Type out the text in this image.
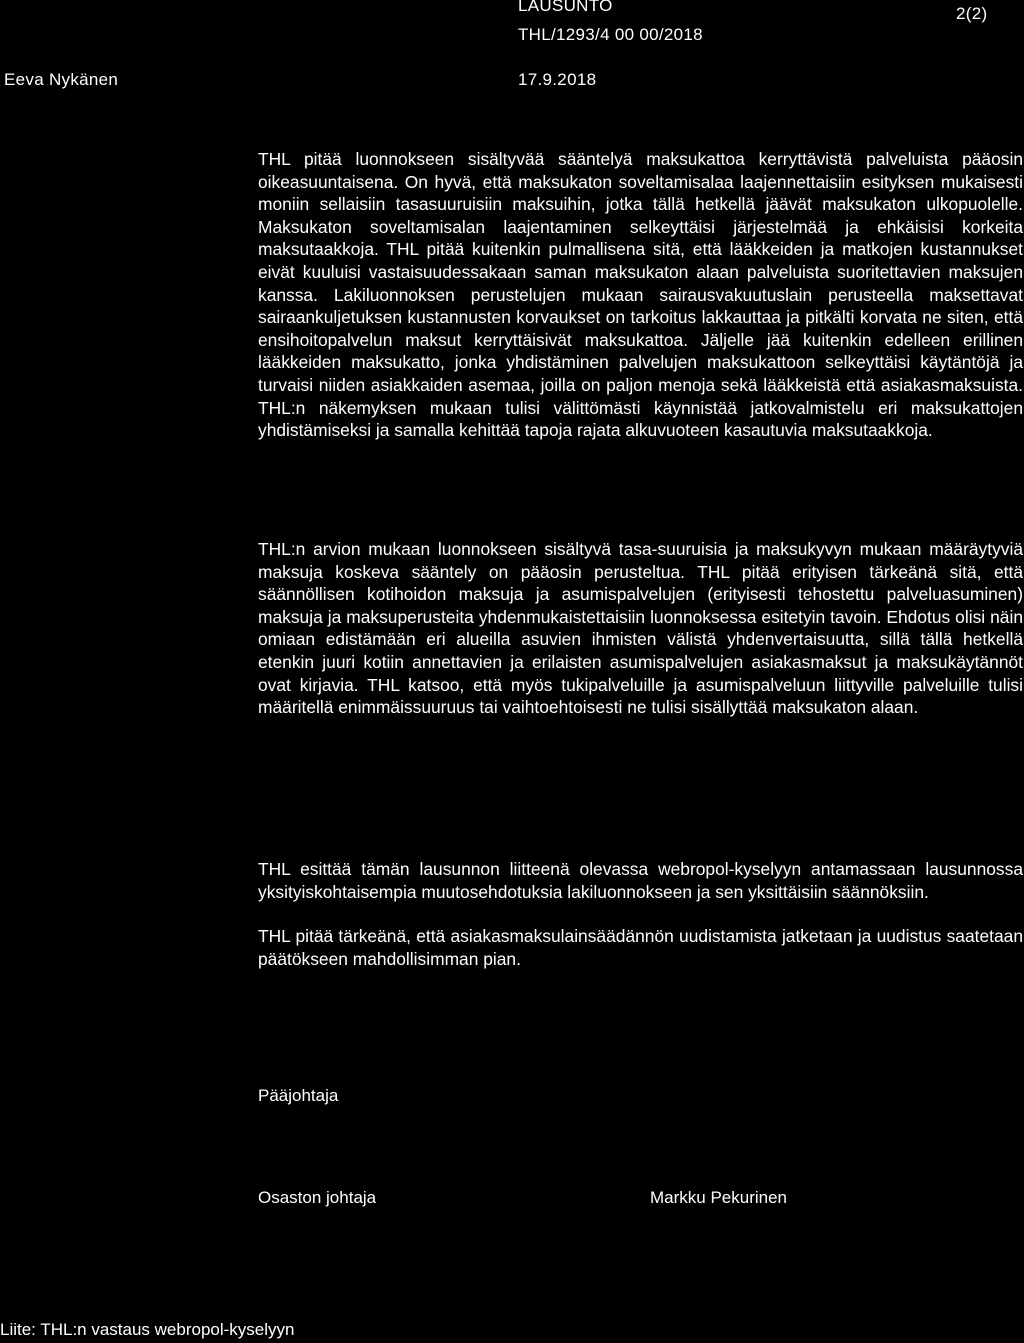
LAUSUNTO	2(2)
THL/1293/4 00 00/2018
Eeva Nykänen	17.9.2018

THL pitää luonnokseen sisältyvää sääntelyä maksukattoa kerryttävistä palveluista pääosin oikeasuuntaisena. On hyvä, että maksukaton soveltamisalaa laajennettaisiin esityksen mukaisesti moniin sellaisiin tasasuuruisiin maksuihin, jotka tällä hetkellä jäävät maksukaton ulkopuolelle. Maksukaton soveltamisalan laajentaminen selkeyttäisi järjestelmää ja ehkäisisi korkeita maksutaakkoja. THL pitää kuitenkin pulmallisena sitä, että lääkkeiden ja matkojen kustannukset eivät kuuluisi vastaisuudessakaan saman maksukaton alaan palveluista suoritettavien maksujen kanssa. Lakiluonnoksen perustelujen mukaan sairausvakuutuslain perusteella maksettavat sairaankuljetuksen kustannusten korvaukset on tarkoitus lakkauttaa ja pitkälti korvata ne siten, että ensihoitopalvelun maksut kerryttäisivät maksukattoa. Jäljelle jää kuitenkin edelleen erillinen lääkkeiden maksukatto, jonka yhdistäminen palvelujen maksukattoon selkeyttäisi käytäntöjä ja turvaisi niiden asiakkaiden asemaa, joilla on paljon menoja sekä lääkkeistä että asiakasmaksuista. THL:n näkemyksen mukaan tulisi välittömästi käynnistää jatkovalmistelu eri maksukattojen yhdistämiseksi ja samalla kehittää tapoja rajata alkuvuoteen kasautuvia maksutaakkoja.

THL:n arvion mukaan luonnokseen sisältyvä tasa-suuruisia ja maksukyvyn mukaan määräytyviä maksuja koskeva sääntely on pääosin perusteltua. THL pitää erityisen tärkeänä sitä, että säännöllisen kotihoidon maksuja ja asumispalvelujen (erityisesti tehostettu palveluasuminen) maksuja ja maksuperusteita yhdenmukaistettaisiin luonnoksessa esitetyin tavoin. Ehdotus olisi näin omiaan edistämään eri alueilla asuvien ihmisten välistä yhdenvertaisuutta, sillä tällä hetkellä etenkin juuri kotiin annettavien ja erilaisten asumispalvelujen asiakasmaksut ja maksukäytännöt ovat kirjavia. THL katsoo, että myös tukipalveluille ja asumispalveluun liittyville palveluille tulisi määritellä enimmäissuuruus tai vaihtoehtoisesti ne tulisi sisällyttää maksukaton alaan.

THL esittää tämän lausunnon liitteenä olevassa webropol-kyselyyn antamassaan lausunnossa yksityiskohtaisempia muutosehdotuksia lakiluonnokseen ja sen yksittäisiin säännöksiin.

THL pitää tärkeänä, että asiakasmaksulainsäädännön uudistamista jatketaan ja uudistus saatetaan päätökseen mahdollisimman pian.

Pääjohtaja
Osaston johtaja	Markku Pekurinen
Liite: THL:n vastaus webropol-kyselyyn
